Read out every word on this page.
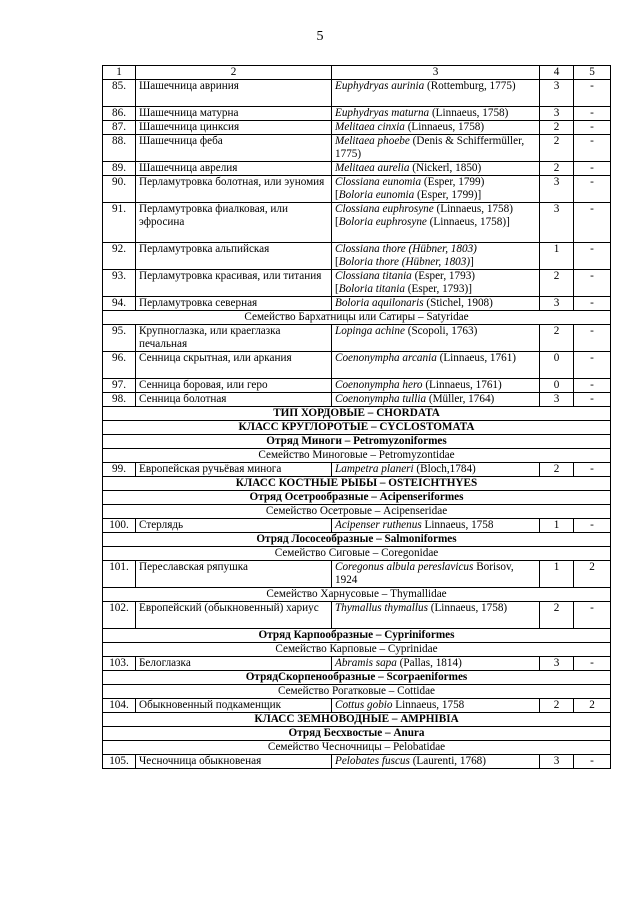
5
1	2	3	4	5
85.	Шашечница авриния	Euphydryas aurinia (Rottemburg, 1775)	3	-
86.	Шашечница матурна	Euphydryas maturna (Linnaeus, 1758)	3	-
87.	Шашечница цинксия	Melitaea cinxia (Linnaeus, 1758)	2	-
88.	Шашечница феба	Melitaea phoebe (Denis & Schiffermüller, 1775)	2	-
89.	Шашечница аврелия	Melitaea aurelia (Nickerl, 1850)	2	-
90.	Перламутровка болотная, или эуномия	Clossiana eunomia (Esper, 1799)
[Boloria eunomia (Esper, 1799)]	3	-
91.	Перламутровка фиалковая, или эфросина	Clossiana euphrosyne (Linnaeus, 1758)
[Boloria euphrosyne (Linnaeus, 1758)]	3	-
92.	Перламутровка альпийская	Clossiana thore (Hübner, 1803)
[Boloria thore (Hübner, 1803)]	1	-
93.	Перламутровка красивая, или титания	Clossiana titania (Esper, 1793)
[Boloria titania (Esper, 1793)]	2	-
94.	Перламутровка северная	Boloria aquilonaris (Stichel, 1908)	3	-
Семейство Бархатницы или Сатиры – Satyridae				
95.	Крупноглазка, или краеглазка печальная	Lopinga achine (Scopoli, 1763)	2	-
96.	Сенница скрытная, или аркания	Coenonympha arcania (Linnaeus, 1761)	0	-
97.	Сенница боровая, или геро	Coenonympha hero (Linnaeus, 1761)	0	-
98.	Сенница болотная	Coenonympha tullia (Müller, 1764)	3	-
ТИП ХОРДОВЫЕ – CHORDATA				
КЛАСС КРУГЛОРОТЫЕ – CYCLOSTOMATA				
Отряд Миноги – Petromyzoniformes				
Семейство Миноговые – Petromyzontidae				
99.	Европейская ручьёвая минога	Lampetra planeri (Bloch,1784)	2	-
КЛАСС КОСТНЫЕ РЫБЫ – OSTEICHTHYES				
Отряд Осетрообразные – Acipenseriformes				
Семейство Осетровые – Acipenseridae				
100.	Стерлядь	Acipenser ruthenus Linnaeus, 1758	1	-
Отряд Лососеобразные – Salmoniformes				
Семейство Сиговые – Coregonidae				
101.	Переславская ряпушка	Coregonus albula pereslavicus Borisov, 1924	1	2
Семейство Харнусовые – Thymallidae				
102.	Европейский (обыкновенный) хариус	Thymallus thymallus (Linnaeus, 1758)	2	-
Отряд Карпообразные – Cypriniformes				
Семейство Карповые – Cyprinidae				
103.	Белоглазка	Abramis sapa (Pallas, 1814)	3	-
ОтрядСкорпенообразные – Scorpaeniformes				
Семейство Рогатковые – Cottidae				
104.	Обыкновенный подкаменщик	Cottus gobio Linnaeus, 1758	2	2
КЛАСС ЗЕМНОВОДНЫЕ – AMPHIBIA				
Отряд Бесхвостые – Anura				
Семейство Чесночницы – Pelobatidae				
105.	Чесночница обыкновеная	Pelobates fuscus (Laurenti, 1768)	3	-
